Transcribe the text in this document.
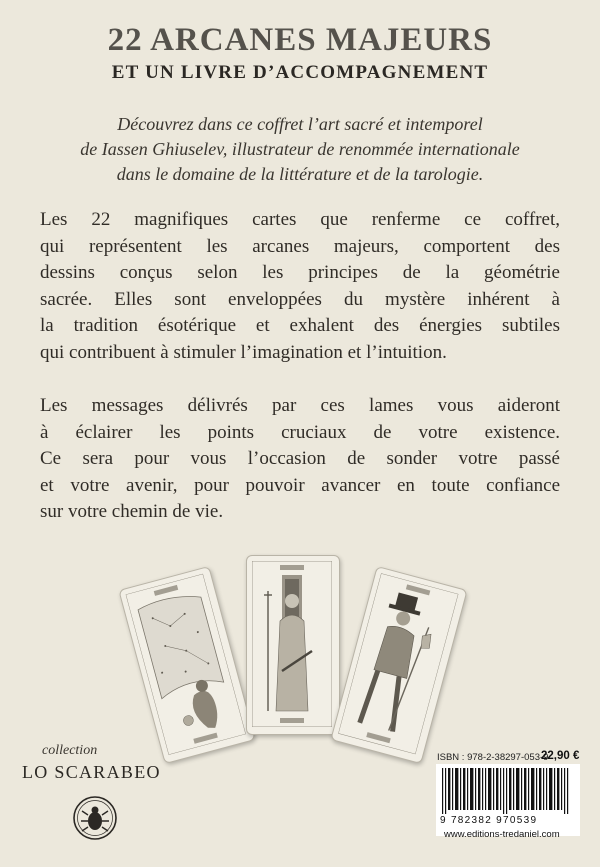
22 ARCANES MAJEURS
ET UN LIVRE D’ACCOMPAGNEMENT
Découvrez dans ce coffret l’art sacré et intemporel
de Iassen Ghiuselev, illustrateur de renommée internationale
dans le domaine de la littérature et de la tarologie.
Les 22 magnifiques cartes que renferme ce coffret,
qui représentent les arcanes majeurs, comportent des
dessins conçus selon les principes de la géométrie
sacrée. Elles sont enveloppées du mystère inhérent à
la tradition ésotérique et exhalent des énergies subtiles
qui contribuent à stimuler l’imagination et l’intuition.
Les messages délivrés par ces lames vous aideront
à éclairer les points cruciaux de votre existence.
Ce sera pour vous l’occasion de sonder votre passé
et votre avenir, pour pouvoir avancer en toute confiance
sur votre chemin de vie.
collection
LO SCARABEO
ISBN : 978-2-38297-053-9
22,90 €
9 782382 970539
www.editions-tredaniel.com
